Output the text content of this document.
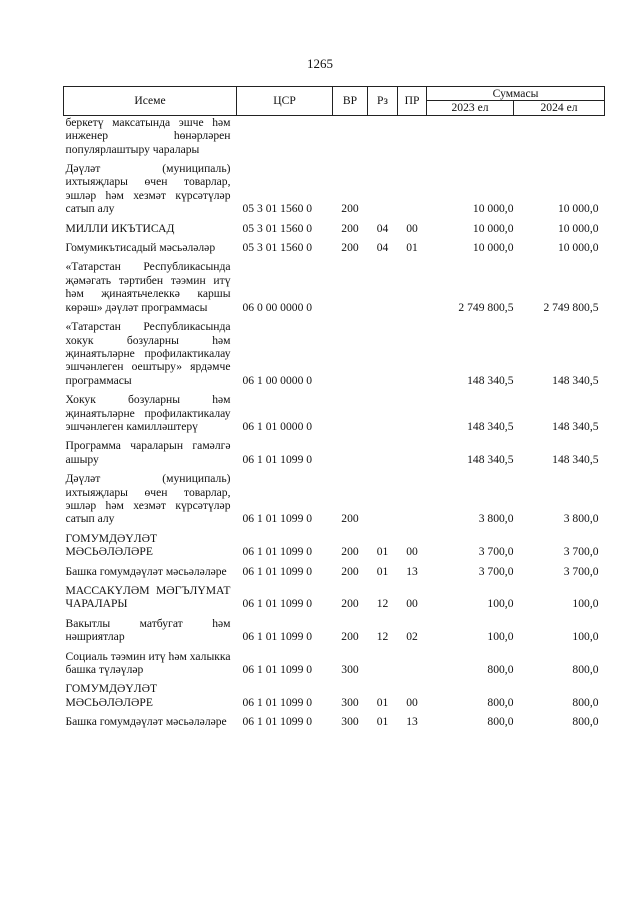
1265
Исеме	ЦСР	ВР	Рз	ПР	Суммасы	
					2023 ел	2024 ел
беркетү максатында эшче һәм инженер һөнәрләрен популярлаштыру чаралары						
Дәүләт (муниципаль) ихтыяҗлары өчен товарлар, эшләр һәм хезмәт күрсәтүләр сатып алу	05 3 01 1560 0	200			10 000,0	10 000,0
МИЛЛИ ИКЪТИСАД	05 3 01 1560 0	200	04	00	10 000,0	10 000,0
Гомумикътисадый мәсьәләләр	05 3 01 1560 0	200	04	01	10 000,0	10 000,0
«Татарстан Республикасында җәмәгать тәртибен тәэмин итү һәм җинаятьчелеккә каршы көрәш» дәүләт программасы	06 0 00 0000 0				2 749 800,5	2 749 800,5
«Татарстан Республикасында хокук бозуларны һәм җинаятьләрне профилактикалау эшчәнлеген оештыру» ярдәмче программасы	06 1 00 0000 0				148 340,5	148 340,5
Хокук бозуларны һәм җинаятьләрне профилактикалау эшчәнлеген камилләштерү	06 1 01 0000 0				148 340,5	148 340,5
Программа чараларын гамәлгә ашыру	06 1 01 1099 0				148 340,5	148 340,5
Дәүләт (муниципаль) ихтыяҗлары өчен товарлар, эшләр һәм хезмәт күрсәтүләр сатып алу	06 1 01 1099 0	200			3 800,0	3 800,0
ГОМУМДӘҮЛӘТ МӘСЬӘЛӘЛӘРЕ	06 1 01 1099 0	200	01	00	3 700,0	3 700,0
Башка гомумдәүләт мәсьәләләре	06 1 01 1099 0	200	01	13	3 700,0	3 700,0
МАССАКҮЛӘМ МӘГЪЛҮМАТ ЧАРАЛАРЫ	06 1 01 1099 0	200	12	00	100,0	100,0
Вакытлы матбугат һәм нәшриятлар	06 1 01 1099 0	200	12	02	100,0	100,0
Социаль тәэмин итү һәм халыкка башка түләүләр	06 1 01 1099 0	300			800,0	800,0
ГОМУМДӘҮЛӘТ МӘСЬӘЛӘЛӘРЕ	06 1 01 1099 0	300	01	00	800,0	800,0
Башка гомумдәүләт мәсьәләләре	06 1 01 1099 0	300	01	13	800,0	800,0
